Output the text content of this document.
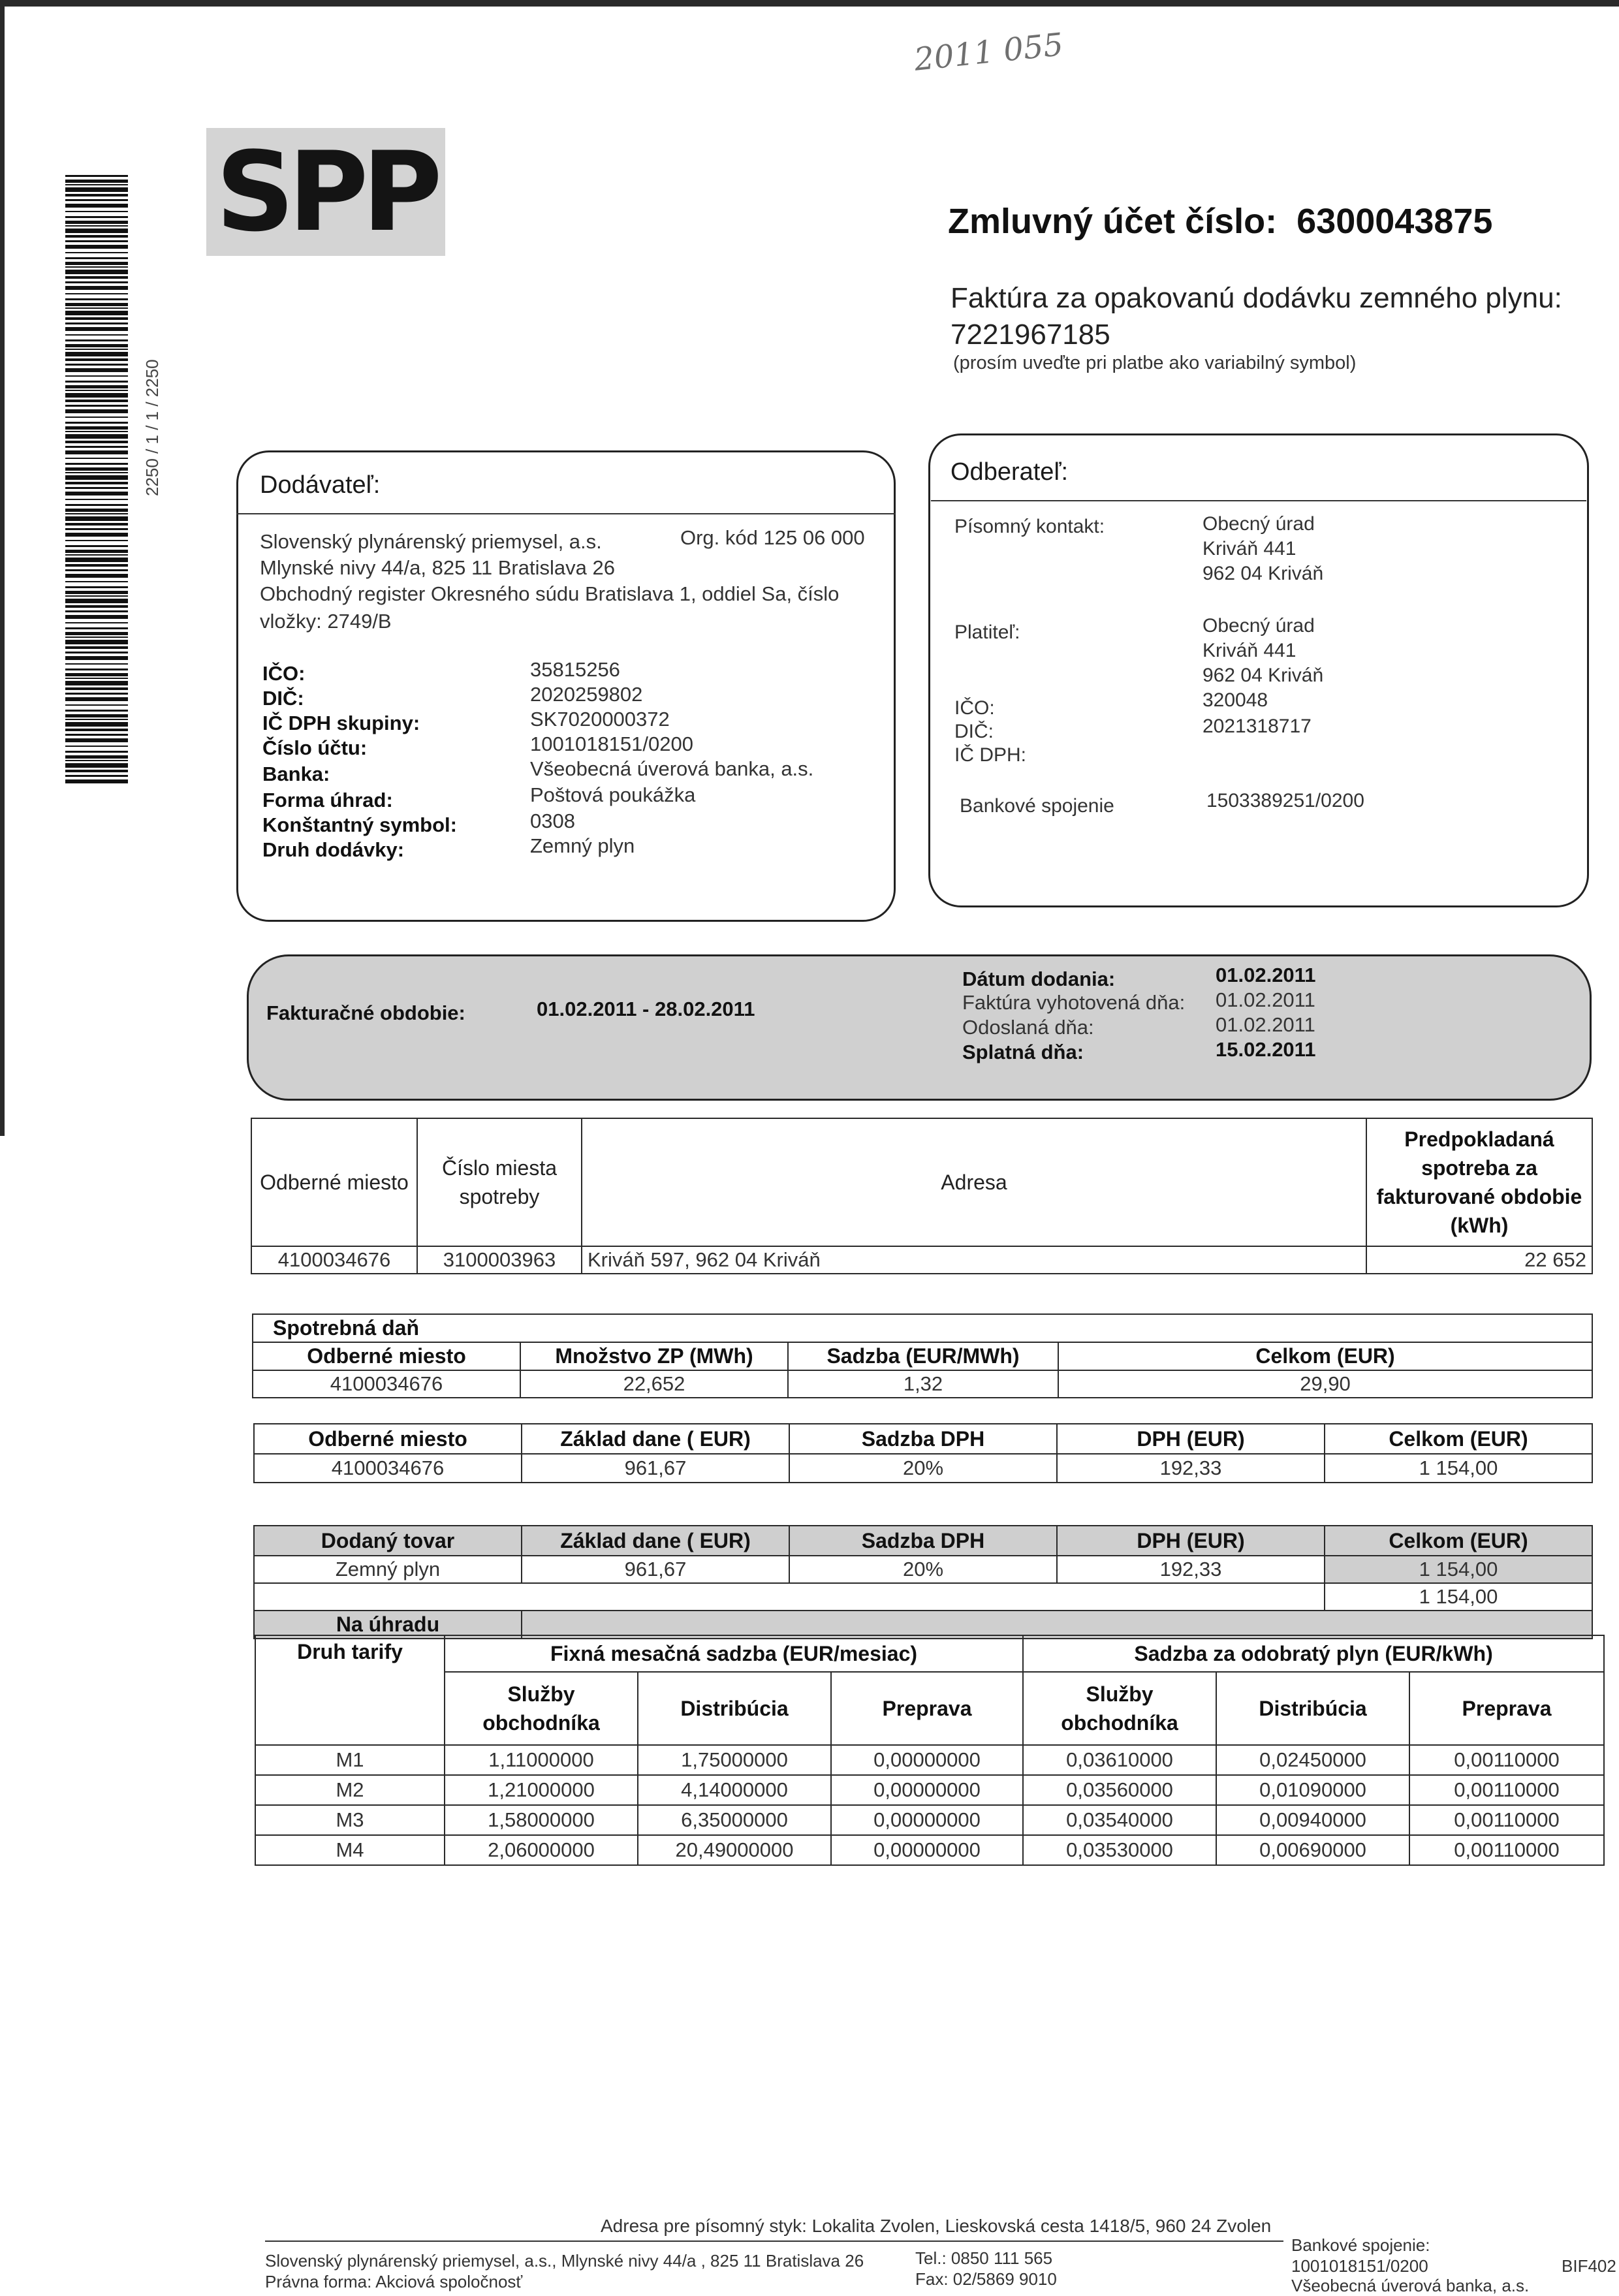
2011 055
2250 / 1 / 1 / 2250
SPP	Zmluvný účet číslo: 6300043875
Faktúra za opakovanú dodávku zemného plynu:
7221967185
(prosím uveďte pri platbe ako variabilný symbol)
Dodávateľ:
Slovenský plynárenský priemysel, a.s.	Org. kód 125 06 000
Mlynské nivy 44/a, 825 11 Bratislava 26
Obchodný register Okresného súdu Bratislava 1, oddiel Sa, číslo
vložky: 2749/B
IČO:	35815256
DIČ:	2020259802
IČ DPH skupiny:	SK7020000372
Číslo účtu:	1001018151/0200
Banka:	Všeobecná úverová banka, a.s.
Forma úhrad:	Poštová poukážka
Konštantný symbol:	0308
Druh dodávky:	Zemný plyn
Odberateľ:
Písomný kontakt:	Obecný úrad
Kriváň 441
962 04 Kriváň
Platiteľ:	Obecný úrad
Kriváň 441
962 04 Kriváň
IČO:	320048
DIČ:	2021318717
IČ DPH:
Bankové spojenie	1503389251/0200
Fakturačné obdobie:	01.02.2011 - 28.02.2011
Dátum dodania:	01.02.2011
Faktúra vyhotovená dňa: 01.02.2011
Odoslaná dňa:	01.02.2011
Splatná dňa:	15.02.2011
Odberné miesto	Číslo miesta spotreby	Adresa	Predpokladaná spotreba za fakturované obdobie (kWh)
4100034676	3100003963	Kriváň 597, 962 04 Kriváň	22 652
Spotrebná daň			
Odberné miesto	Množstvo ZP (MWh)	Sadzba (EUR/MWh)	Celkom (EUR)
4100034676	22,652	1,32	29,90
Odberné miesto	Základ dane ( EUR)	Sadzba DPH	DPH (EUR)	Celkom (EUR)
4100034676	961,67	20%	192,33	1 154,00
Dodaný tovar	Základ dane ( EUR)	Sadzba DPH	DPH (EUR)	Celkom (EUR)
Zemný plyn	961,67	20%	192,33	1 154,00
				1 154,00
Na úhradu				
Druh tarify	Fixná mesačná sadzba (EUR/mesiac)			Sadzba za odobratý plyn (EUR/kWh)		
	Služby obchodníka	Distribúcia	Preprava	Služby obchodníka	Distribúcia	Preprava
M1	1,11000000	1,75000000	0,00000000	0,03610000	0,02450000	0,00110000
M2	1,21000000	4,14000000	0,00000000	0,03560000	0,01090000	0,00110000
M3	1,58000000	6,35000000	0,00000000	0,03540000	0,00940000	0,00110000
M4	2,06000000	20,49000000	0,00000000	0,03530000	0,00690000	0,00110000
Adresa pre písomný styk: Lokalita Zvolen, Lieskovská cesta 1418/5, 960 24 Zvolen
Slovenský plynárenský priemysel, a.s., Mlynské nivy 44/a , 825 11 Bratislava 26
Právna forma: Akciová spoločnosť
Tel.: 0850 111 565
Fax: 02/5869 9010
Bankové spojenie:
1001018151/0200
Všeobecná úverová banka, a.s.
BIF402
